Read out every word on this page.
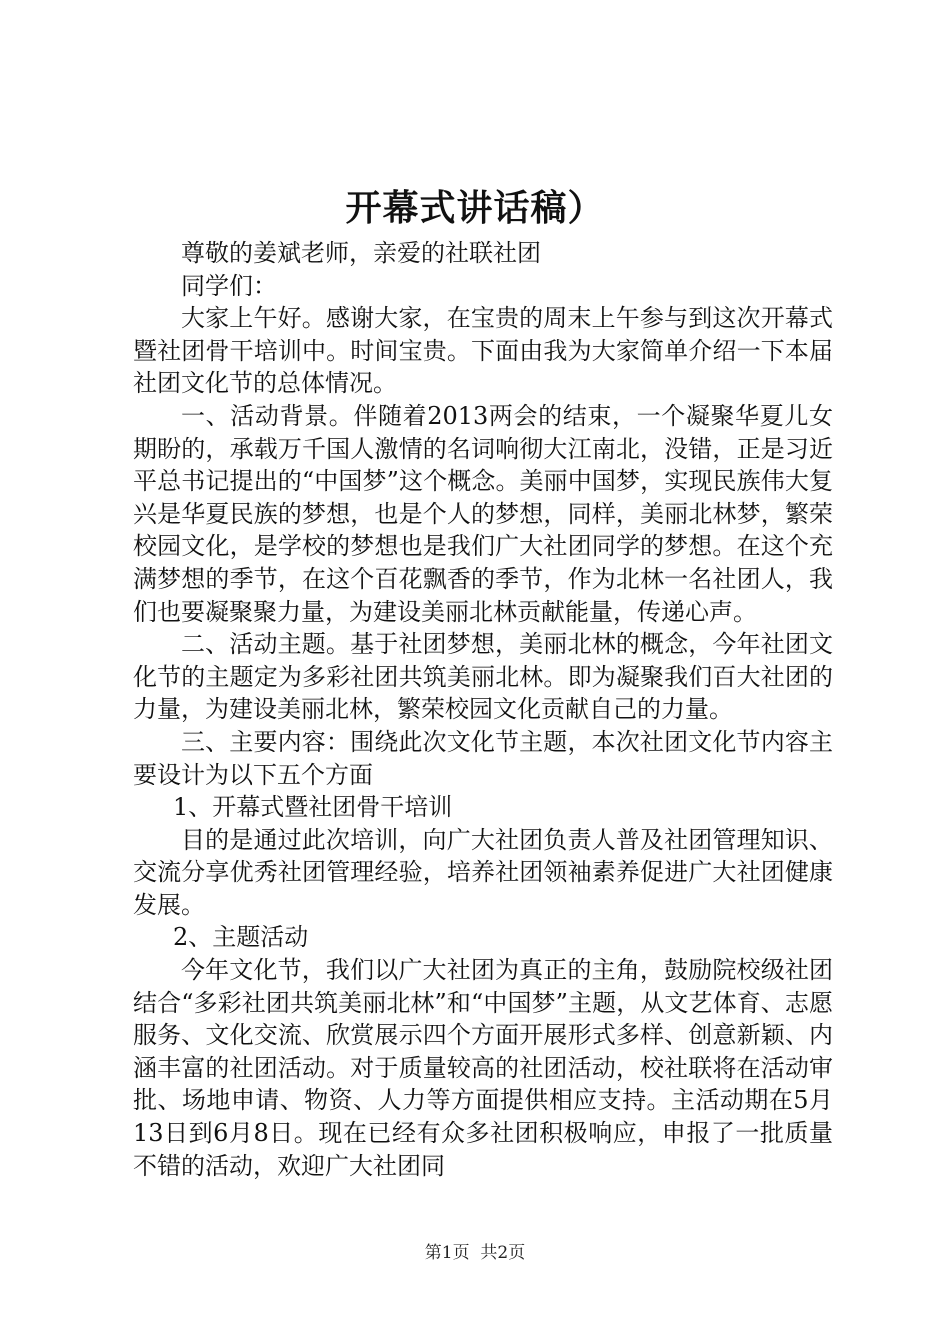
开幕式讲话稿）

尊敬的姜斌老师，亲爱的社联社团

同学们：

大家上午好。感谢大家，在宝贵的周末上午参与到这次开幕式暨社团骨干培训中。时间宝贵。下面由我为大家简单介绍一下本届社团文化节的总体情况。

一、活动背景。伴随着2013两会的结束，一个凝聚华夏儿女期盼的，承载万千国人激情的名词响彻大江南北，没错，正是习近平总书记提出的“中国梦”这个概念。美丽中国梦，实现民族伟大复兴是华夏民族的梦想，也是个人的梦想，同样，美丽北林梦，繁荣校园文化，是学校的梦想也是我们广大社团同学的梦想。在这个充满梦想的季节，在这个百花飘香的季节，作为北林一名社团人，我们也要凝聚聚力量，为建设美丽北林贡献能量，传递心声。

二、活动主题。基于社团梦想，美丽北林的概念，今年社团文化节的主题定为多彩社团共筑美丽北林。即为凝聚我们百大社团的力量，为建设美丽北林，繁荣校园文化贡献自己的力量。

三、主要内容：围绕此次文化节主题，本次社团文化节内容主要设计为以下五个方面

1、开幕式暨社团骨干培训

目的是通过此次培训，向广大社团负责人普及社团管理知识、交流分享优秀社团管理经验，培养社团领袖素养促进广大社团健康发展。

2、主题活动

今年文化节，我们以广大社团为真正的主角，鼓励院校级社团结合“多彩社团共筑美丽北林”和“中国梦”主题，从文艺体育、志愿服务、文化交流、欣赏展示四个方面开展形式多样、创意新颖、内涵丰富的社团活动。对于质量较高的社团活动，校社联将在活动审批、场地申请、物资、人力等方面提供相应支持。主活动期在5月13日到6月8日。现在已经有众多社团积极响应，申报了一批质量不错的活动，欢迎广大社团同

第1页 共2页
